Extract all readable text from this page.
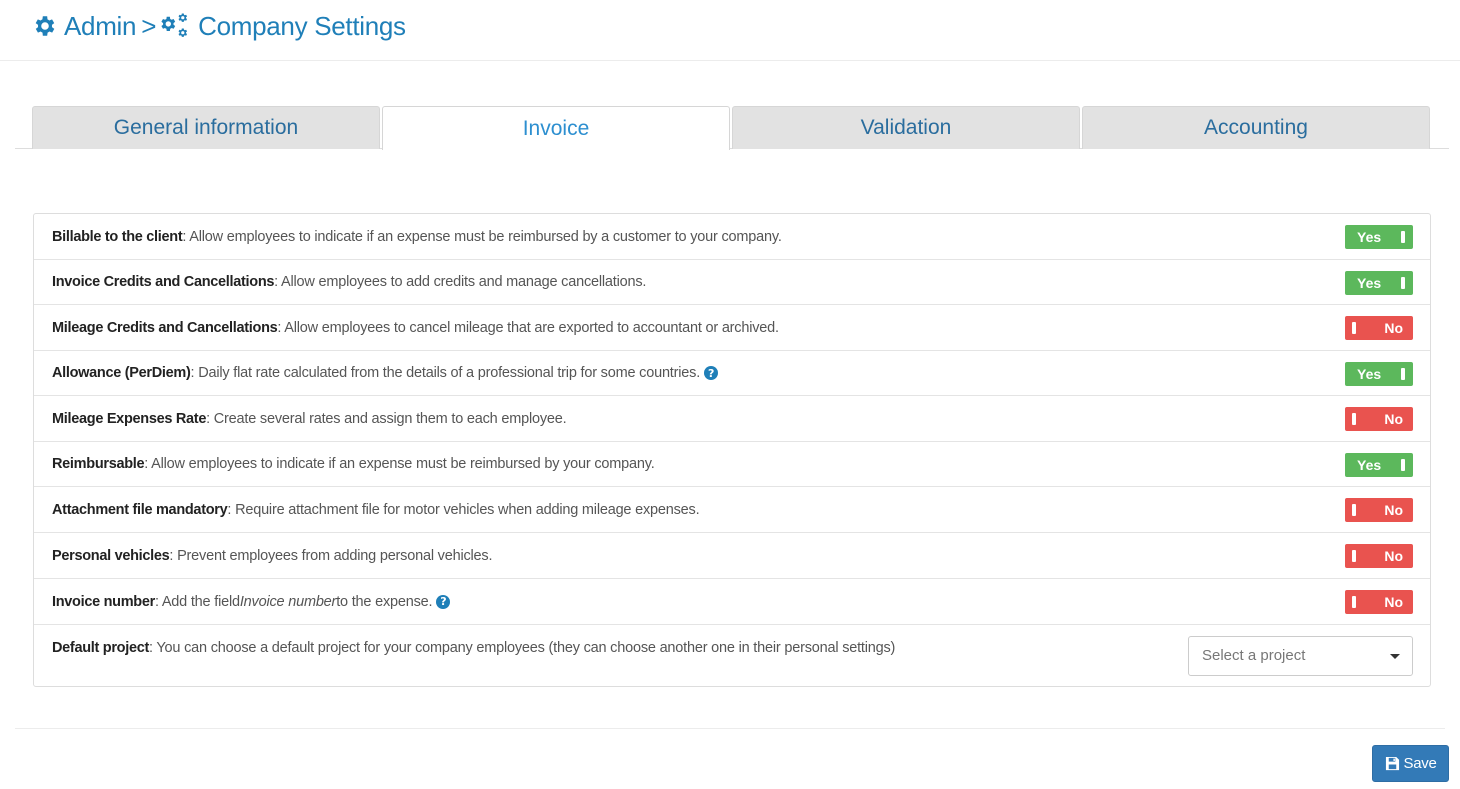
Admin > Company Settings
General information	Invoice	Validation	Accounting
Billable to the client : Allow employees to indicate if an expense must be reimbursed by a customer to your company.	Yes
Invoice Credits and Cancellations : Allow employees to add credits and manage cancellations.	Yes
Mileage Credits and Cancellations : Allow employees to cancel mileage that are exported to accountant or archived.	No
Allowance (PerDiem) : Daily flat rate calculated from the details of a professional trip for some countries. ?	Yes
Mileage Expenses Rate : Create several rates and assign them to each employee.	No
Reimbursable : Allow employees to indicate if an expense must be reimbursed by your company.	Yes
Attachment file mandatory : Require attachment file for motor vehicles when adding mileage expenses.	No
Personal vehicles : Prevent employees from adding personal vehicles.	No
Invoice number : Add the field Invoice number to the expense. ?	No
Default project : You can choose a default project for your company employees (they can choose another one in their personal settings)	Select a project
Save
